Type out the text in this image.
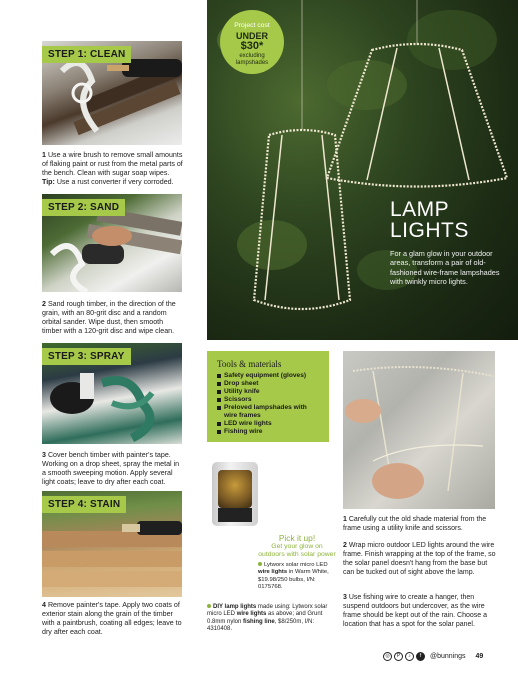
STEP 1: CLEAN
1 Use a wire brush to remove small amounts of flaking paint or rust from the metal parts of the bench. Clean with sugar soap wipes. Tip: Use a rust converter if very corroded.
STEP 2: SAND
2 Sand rough timber, in the direction of the grain, with an 80-grit disc and a random orbital sander. Wipe dust, then smooth timber with a 120-grit disc and wipe clean.
STEP 3: SPRAY
3 Cover bench timber with painter's tape. Working on a drop sheet, spray the metal in a smooth sweeping motion. Apply several light coats; leave to dry after each coat.
STEP 4: STAIN
4 Remove painter's tape. Apply two coats of exterior stain along the grain of the timber with a paintbrush, coating all edges; leave to dry after each coat.
Project cost
UNDER
$30*
excluding
lampshades
LAMP
LIGHTS
For a glam glow in your outdoor areas, transform a pair of old-fashioned wire-frame lampshades with twinkly micro lights.
Tools & materials
Safety equipment (gloves)
Drop sheet
Utility knife
Scissors
Preloved lampshades with wire frames
LED wire lights
Fishing wire
Pick it up!
Get your glow on outdoors with solar power
Lytworx solar micro LED wire lights in Warm White, $19.98/250 bulbs, I/N: 0175768.
DIY lamp lights made using: Lytworx solar micro LED wire lights as above; and Grunt 0.8mm nylon fishing line, $8/250m, I/N: 4310408.
1 Carefully cut the old shade material from the frame using a utility knife and scissors.
2 Wrap micro outdoor LED lights around the wire frame. Finish wrapping at the top of the frame, so the solar panel doesn't hang from the base but can be tucked out of sight above the lamp.
3 Use fishing wire to create a hanger, then suspend outdoors but undercover, as the wire frame should be kept out of the rain. Choose a location that has a spot for the solar panel.
◎	P	♪	f	@bunnings 49
